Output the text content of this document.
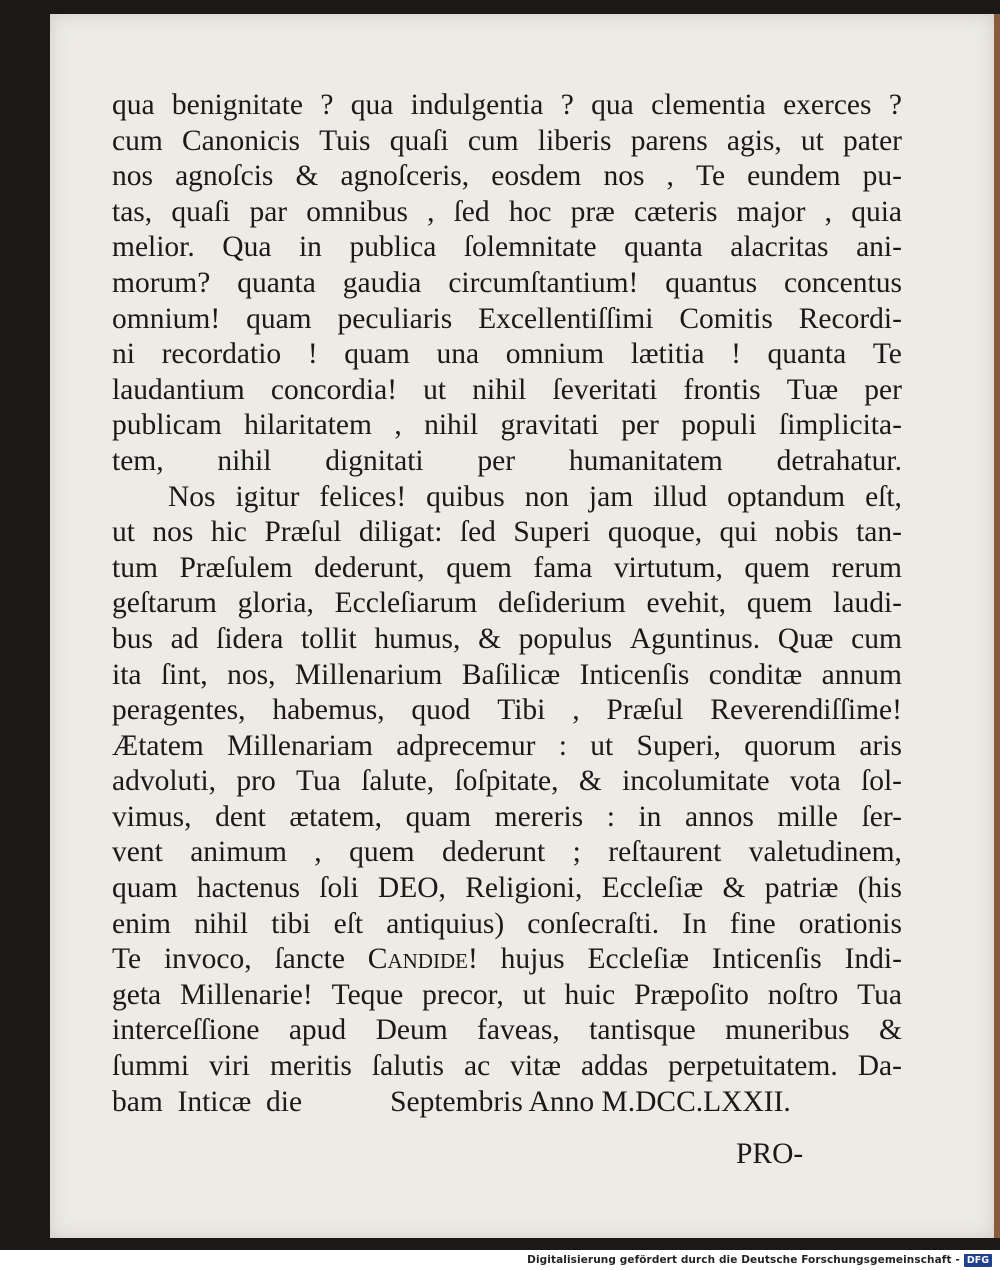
qua benignitate ? qua indulgentia ? qua clementia exerces ?
cum Canonicis Tuis quaſi cum liberis parens agis, ut pater
nos agnoſcis & agnoſceris, eosdem nos , Te eundem pu-
tas, quaſi par omnibus , ſed hoc præ cæteris major , quia
melior. Qua in publica ſolemnitate quanta alacritas ani-
morum? quanta gaudia circumſtantium! quantus concentus
omnium! quam peculiaris Excellentiſſimi Comitis Recordi-
ni recordatio ! quam una omnium lætitia ! quanta Te
laudantium concordia! ut nihil ſeveritati frontis Tuæ per
publicam hilaritatem , nihil gravitati per populi ſimplicita-
tem, nihil dignitati per humanitatem detrahatur.
Nos igitur felices! quibus non jam illud optandum eſt,
ut nos hic Præſul diligat: ſed Superi quoque, qui nobis tan-
tum Præſulem dederunt, quem fama virtutum, quem rerum
geſtarum gloria, Eccleſiarum deſiderium evehit, quem laudi-
bus ad ſidera tollit humus, & populus Aguntinus. Quæ cum
ita ſint, nos, Millenarium Baſilicæ Inticenſis conditæ annum
peragentes, habemus, quod Tibi , Præſul Reverendiſſime!
Ætatem Millenariam adprecemur : ut Superi, quorum aris
advoluti, pro Tua ſalute, ſoſpitate, & incolumitate vota ſol-
vimus, dent ætatem, quam mereris : in annos mille ſer-
vent animum , quem dederunt ; reſtaurent valetudinem,
quam hactenus ſoli DEO, Religioni, Eccleſiæ & patriæ (his
enim nihil tibi eſt antiquius) conſecraſti. In fine orationis
Te invoco, ſancte Candide! hujus Eccleſiæ Inticenſis Indi-
geta Millenarie! Teque precor, ut huic Præpoſito noſtro Tua
interceſſione apud Deum faveas, tantisque muneribus &
ſummi viri meritis ſalutis ac vitæ addas perpetuitatem. Da-
bam  Inticæ  die	Septembris Anno M.DCC.LXXII.
PRO-
Digitalisierung gefördert durch die Deutsche Forschungsgemeinschaft - DFG
